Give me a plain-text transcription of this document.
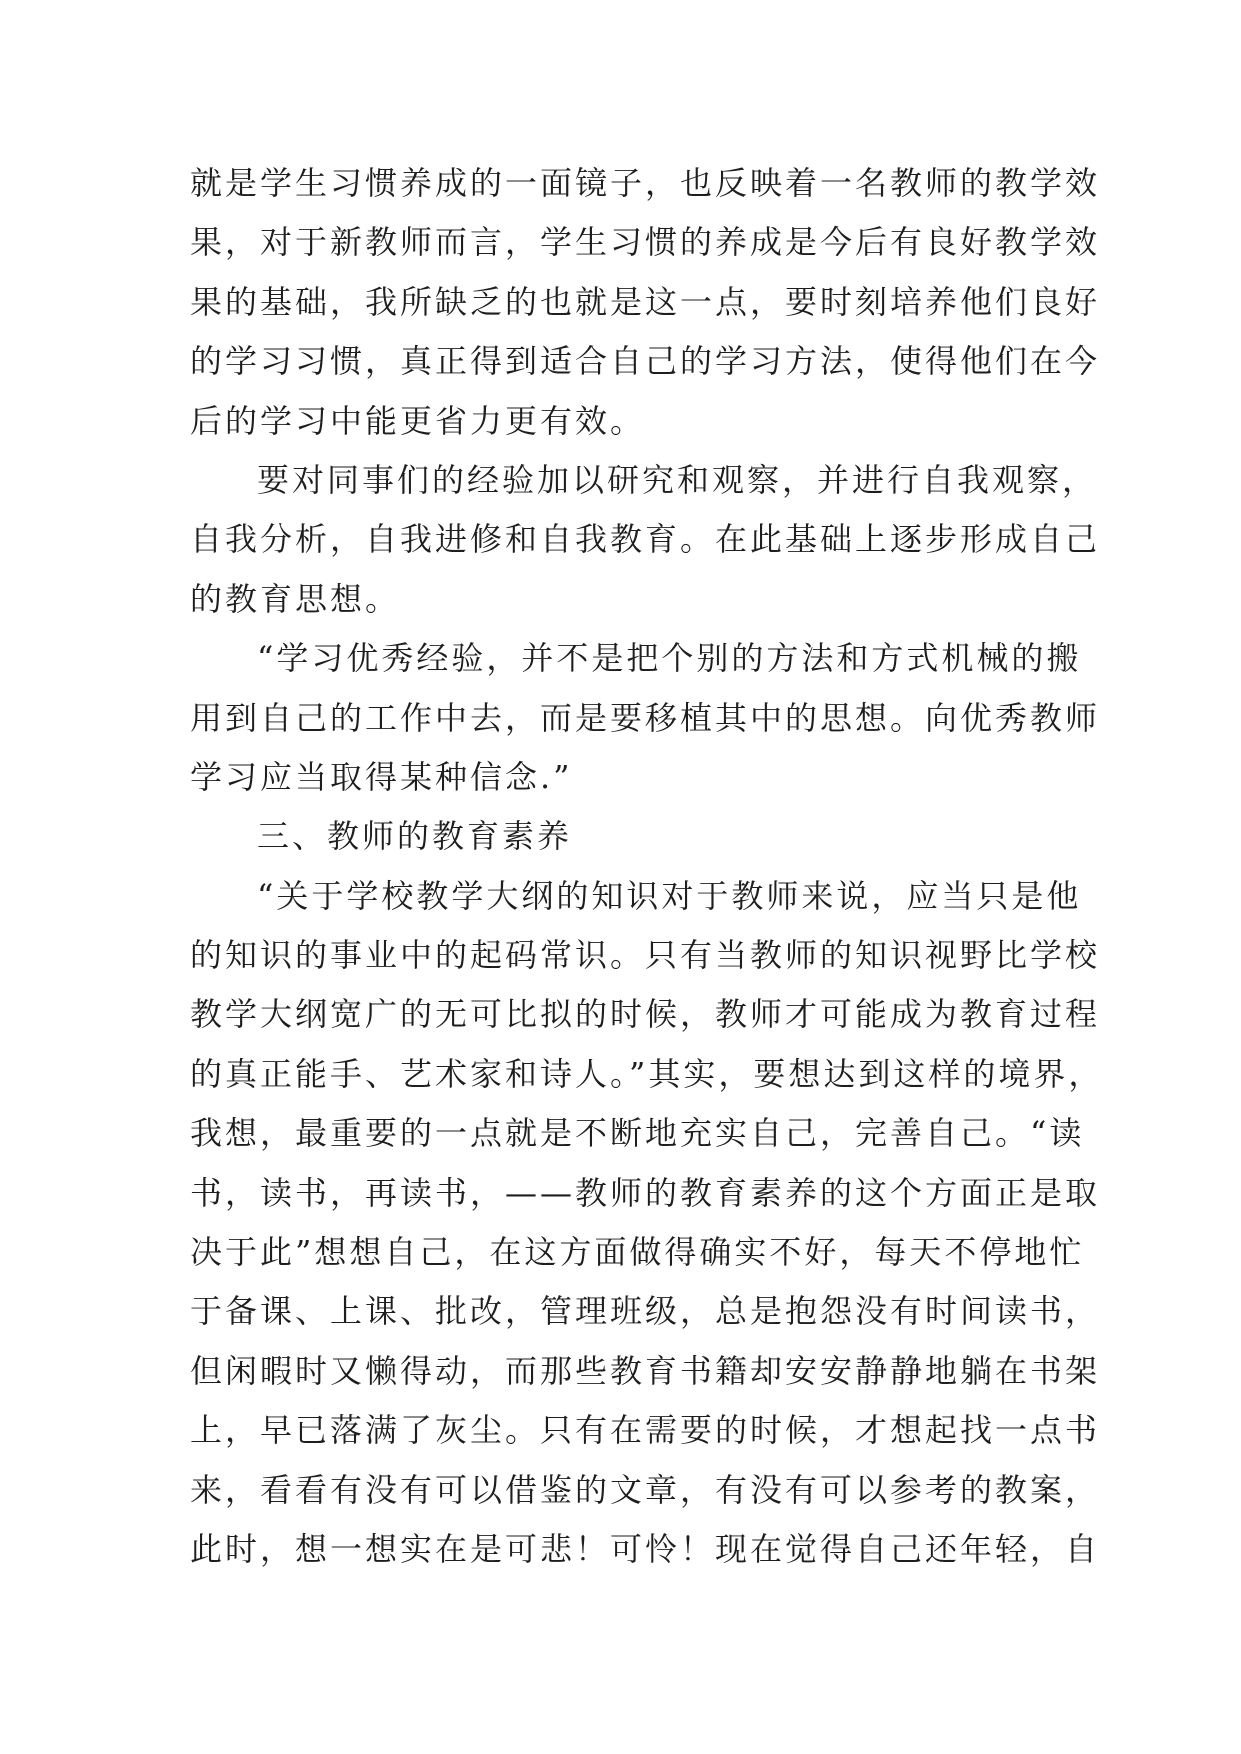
就是学生习惯养成的一面镜子，也反映着一名教师的教学效
果，对于新教师而言，学生习惯的养成是今后有良好教学效
果的基础，我所缺乏的也就是这一点，要时刻培养他们良好
的学习习惯，真正得到适合自己的学习方法，使得他们在今
后的学习中能更省力更有效。
要对同事们的经验加以研究和观察，并进行自我观察，
自我分析，自我进修和自我教育。在此基础上逐步形成自己
的教育思想。
“学习优秀经验，并不是把个别的方法和方式机械的搬
用到自己的工作中去，而是要移植其中的思想。向优秀教师
学习应当取得某种信念.”
三、教师的教育素养
“关于学校教学大纲的知识对于教师来说，应当只是他
的知识的事业中的起码常识。只有当教师的知识视野比学校
教学大纲宽广的无可比拟的时候，教师才可能成为教育过程
的真正能手、艺术家和诗人。”其实，要想达到这样的境界，
我想，最重要的一点就是不断地充实自己，完善自己。“读
书，读书，再读书，——教师的教育素养的这个方面正是取
决于此”想想自己，在这方面做得确实不好，每天不停地忙
于备课、上课、批改，管理班级，总是抱怨没有时间读书，
但闲暇时又懒得动，而那些教育书籍却安安静静地躺在书架
上，早已落满了灰尘。只有在需要的时候，才想起找一点书
来，看看有没有可以借鉴的文章，有没有可以参考的教案，
此时，想一想实在是可悲！可怜！现在觉得自己还年轻，自
